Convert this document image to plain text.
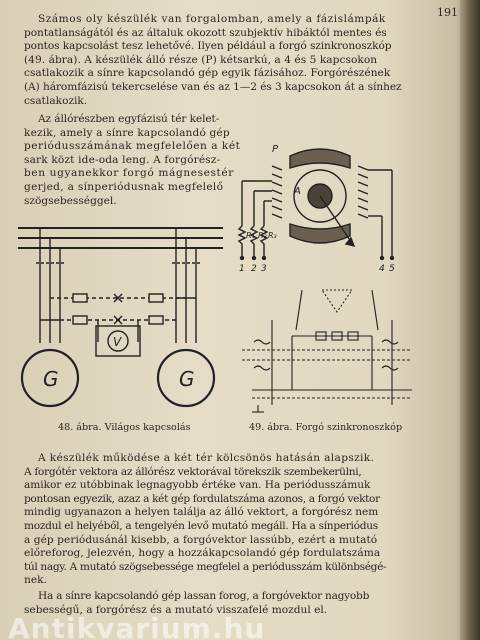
191
Számos oly készülék van forgalomban, amely a fázislámpák
pontatlanságától és az általuk okozott szubjektív hibáktól mentes és
pontos kapcsolást tesz lehetővé. Ilyen például a forgó szinkronoszkóp
(49. ábra). A készülék álló része (P) kétsarkú, a 4 és 5 kapcsokon
csatlakozik a sínre kapcsolandó gép egyik fázisához. Forgórészének
(A) háromfázisú tekercselése van és az 1—2 és 3 kapcsokon át a sínhez
csatlakozik.
Az állórészben egyfázisú tér kelet-
kezik, amely a sínre kapcsolandó gép
periódusszámának megfelelően a két
sark közt ide-oda leng. A forgórész-
ben ugyanekkor forgó mágnesestér
gerjed, a sínperiódusnak megfelelő
szögsebességgel.
V
G	G
48. ábra. Világos kapcsolás
P
A
R₁ R₂ R₃
1 2 3	4 5
49. ábra. Forgó szinkronoszkóp
A készülék működése a két tér kölcsönös hatásán alapszik.
A forgótér vektora az állórész vektorával törekszik szembekerülni,
amikor ez utóbbinak legnagyobb értéke van. Ha periódusszámuk
pontosan egyezik, azaz a két gép fordulatszáma azonos, a forgó vektor
mindig ugyanazon a helyen találja az álló vektort, a forgórész nem
mozdul el helyéből, a tengelyén levő mutató megáll. Ha a sínperiódus
a gép periódusánál kisebb, a forgóvektor lassúbb, ezért a mutató
előreforog, jelezvén, hogy a hozzákapcsolandó gép fordulatszáma
túl nagy. A mutató szögsebessége megfelel a periódusszám különbségé-
nek.
Ha a sínre kapcsolandó gép lassan forog, a forgóvektor nagyobb
sebességű, a forgórész és a mutató visszafelé mozdul el.
Antikvarium.hu
